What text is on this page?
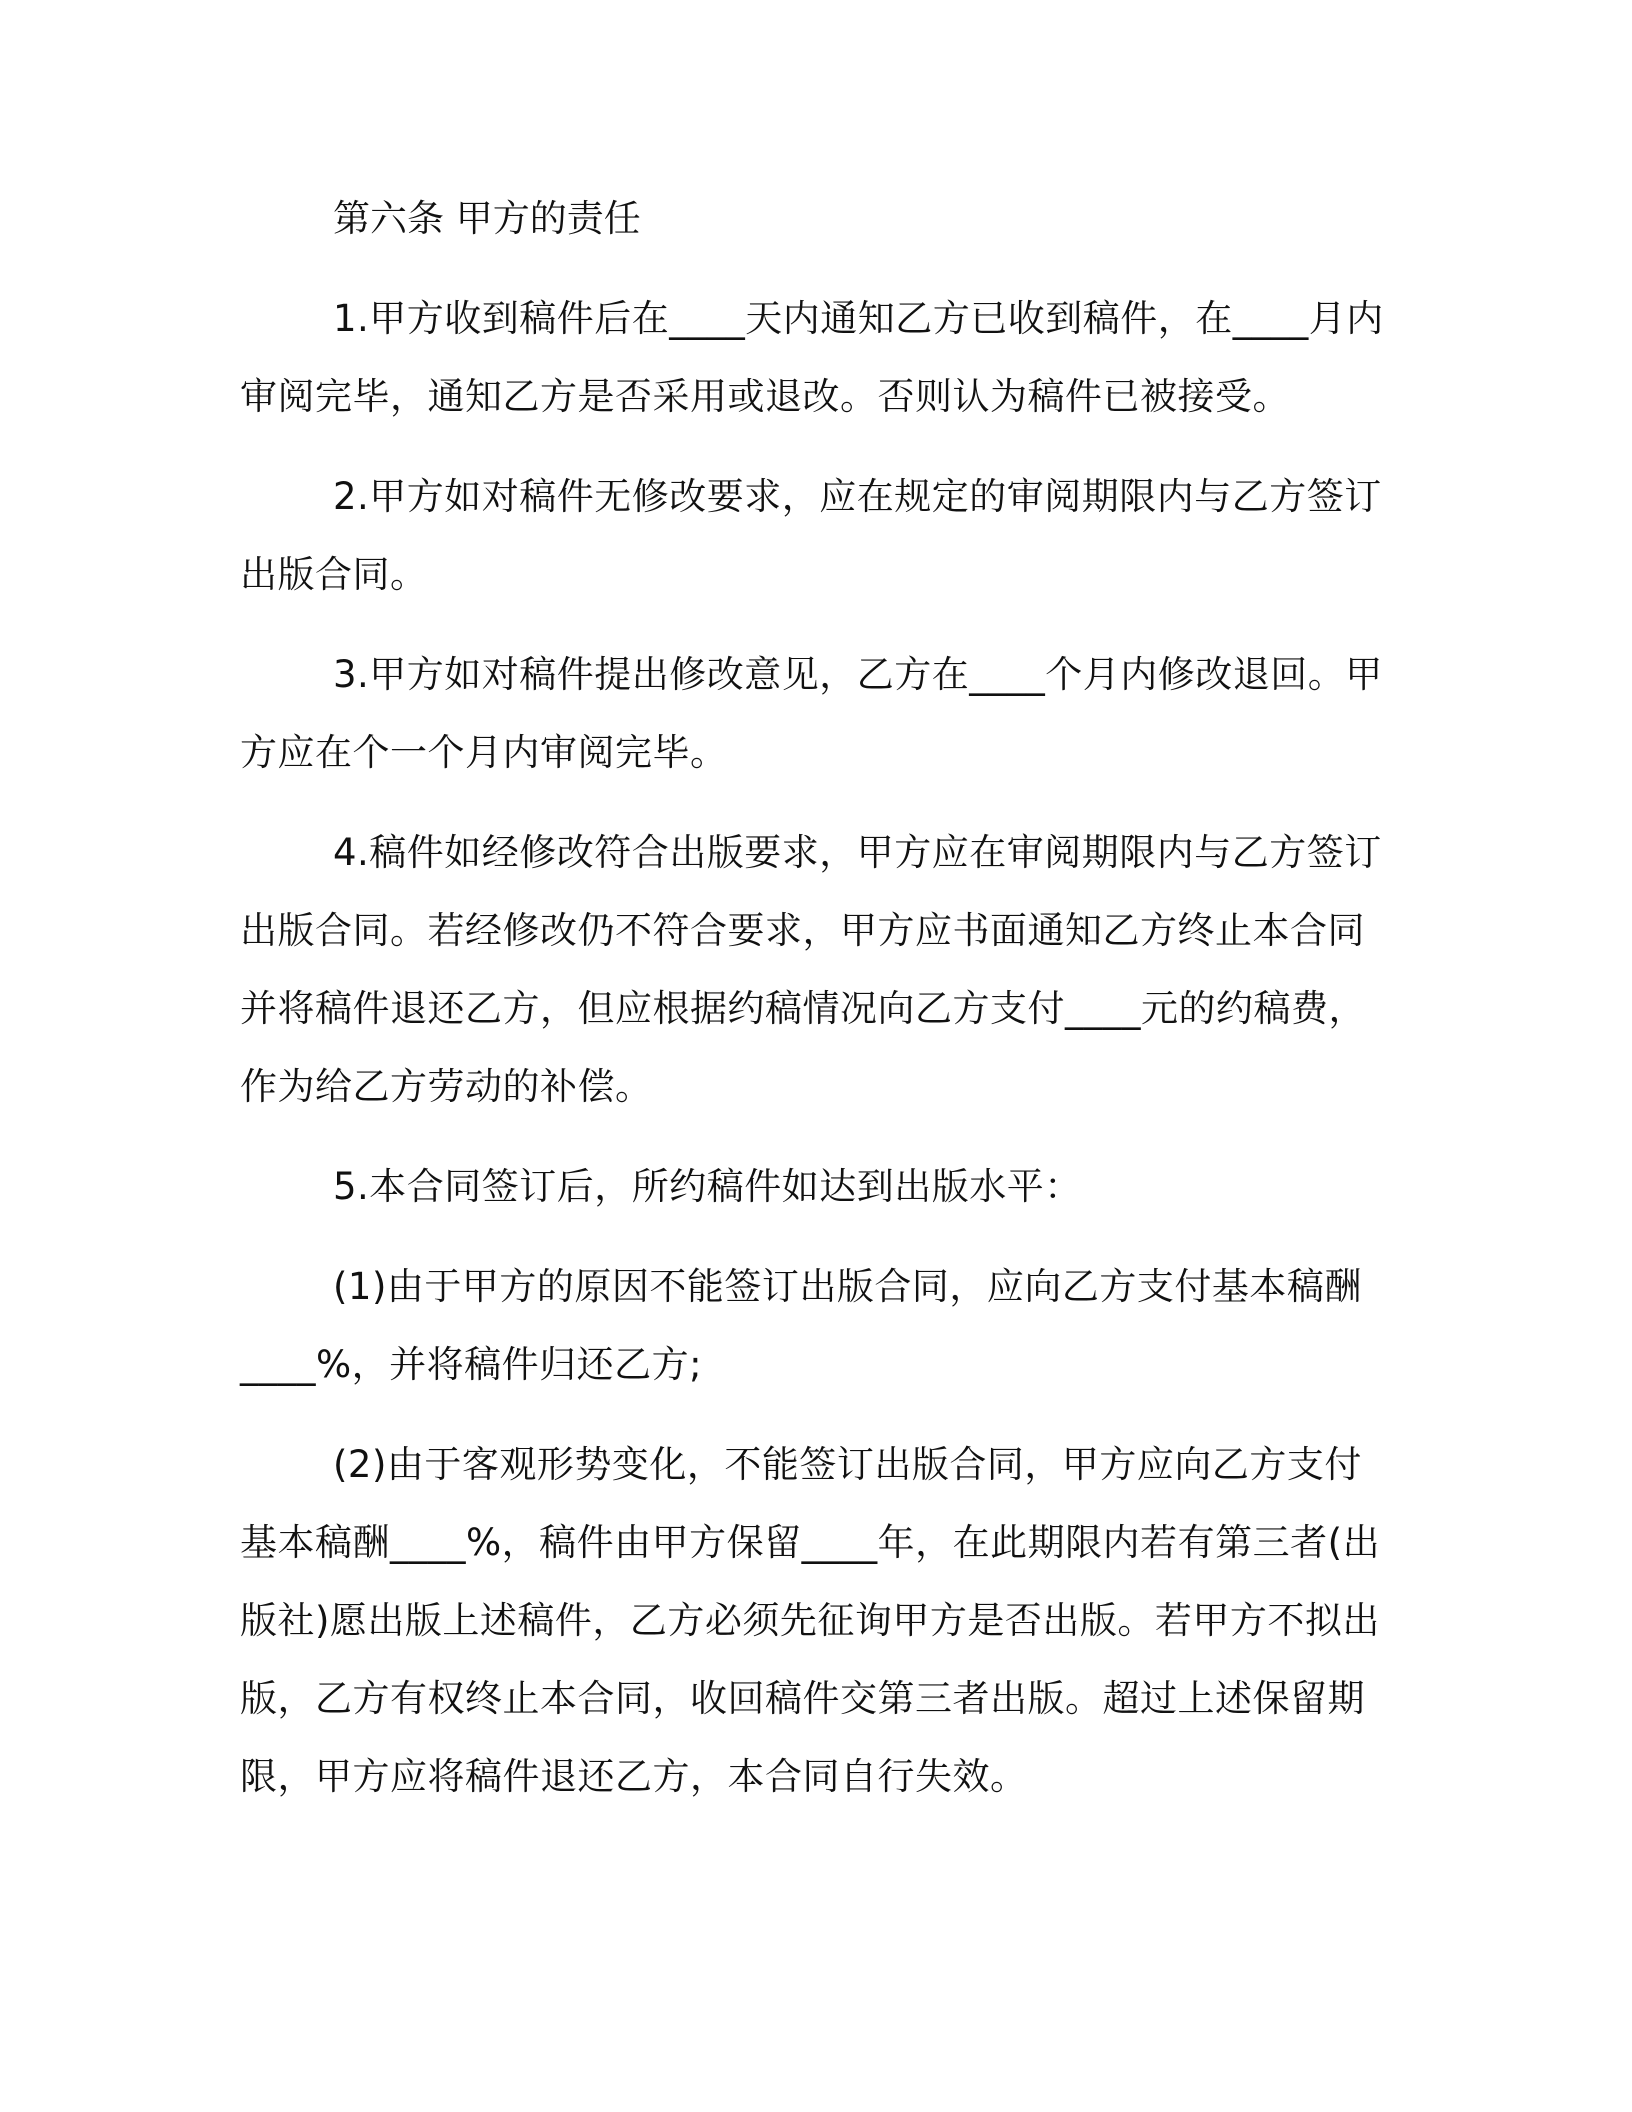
第六条 甲方的责任
1.甲方收到稿件后在____天内通知乙方已收到稿件，在____月内审阅完毕，通知乙方是否采用或退改。否则认为稿件已被接受。
2.甲方如对稿件无修改要求，应在规定的审阅期限内与乙方签订出版合同。
3.甲方如对稿件提出修改意见，乙方在____个月内修改退回。甲方应在个一个月内审阅完毕。
4.稿件如经修改符合出版要求，甲方应在审阅期限内与乙方签订出版合同。若经修改仍不符合要求，甲方应书面通知乙方终止本合同并将稿件退还乙方，但应根据约稿情况向乙方支付____元的约稿费，作为给乙方劳动的补偿。
5.本合同签订后，所约稿件如达到出版水平：
(1)由于甲方的原因不能签订出版合同，应向乙方支付基本稿酬____%，并将稿件归还乙方;
(2)由于客观形势变化，不能签订出版合同，甲方应向乙方支付基本稿酬____%，稿件由甲方保留____年，在此期限内若有第三者(出版社)愿出版上述稿件，乙方必须先征询甲方是否出版。若甲方不拟出版，乙方有权终止本合同，收回稿件交第三者出版。超过上述保留期限，甲方应将稿件退还乙方，本合同自行失效。
